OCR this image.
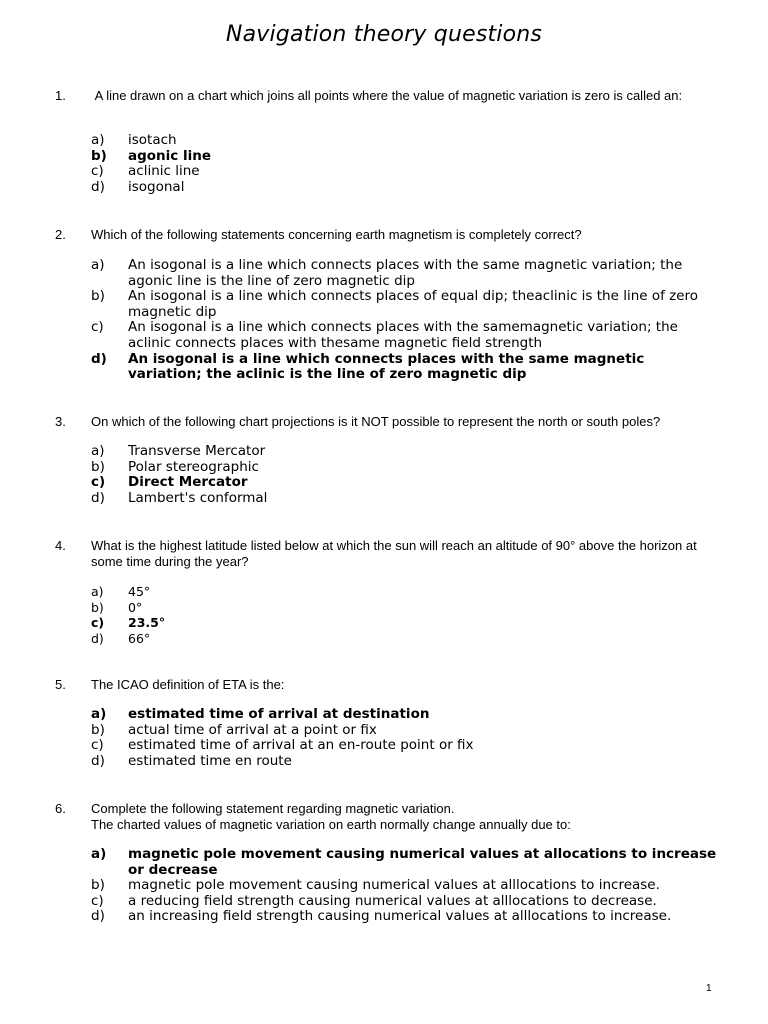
Navigation theory questions
1. A line drawn on a chart which joins all points where the value of magnetic variation is zero is called an:
a) isotach
b) agonic line
c) aclinic line
d) isogonal
2. Which of the following statements concerning earth magnetism is completely correct?
a) An isogonal is a line which connects places with the same magnetic variation; the agonic line is the line of zero magnetic dip
b) An isogonal is a line which connects places of equal dip; theaclinic is the line of zero magnetic dip
c) An isogonal is a line which connects places with the samemagnetic variation; the aclinic connects places with thesame magnetic field strength
d) An isogonal is a line which connects places with the same magnetic variation; the aclinic is the line of zero magnetic dip
3. On which of the following chart projections is it NOT possible to represent the north or south poles?
a) Transverse Mercator
b) Polar stereographic
c) Direct Mercator
d) Lambert's conformal
4. What is the highest latitude listed below at which the sun will reach an altitude of 90° above the horizon at some time during the year?
a) 45°
b) 0°
c) 23.5°
d) 66°
5. The ICAO definition of ETA is the:
a) estimated time of arrival at destination
b) actual time of arrival at a point or fix
c) estimated time of arrival at an en-route point or fix
d) estimated time en route
6. Complete the following statement regarding magnetic variation.
The charted values of magnetic variation on earth normally change annually due to:
a) magnetic pole movement causing numerical values at allocations to increase or decrease
b) magnetic pole movement causing numerical values at alllocations to increase.
c) a reducing field strength causing numerical values at alllocations to decrease.
d) an increasing field strength causing numerical values at alllocations to increase.
1
